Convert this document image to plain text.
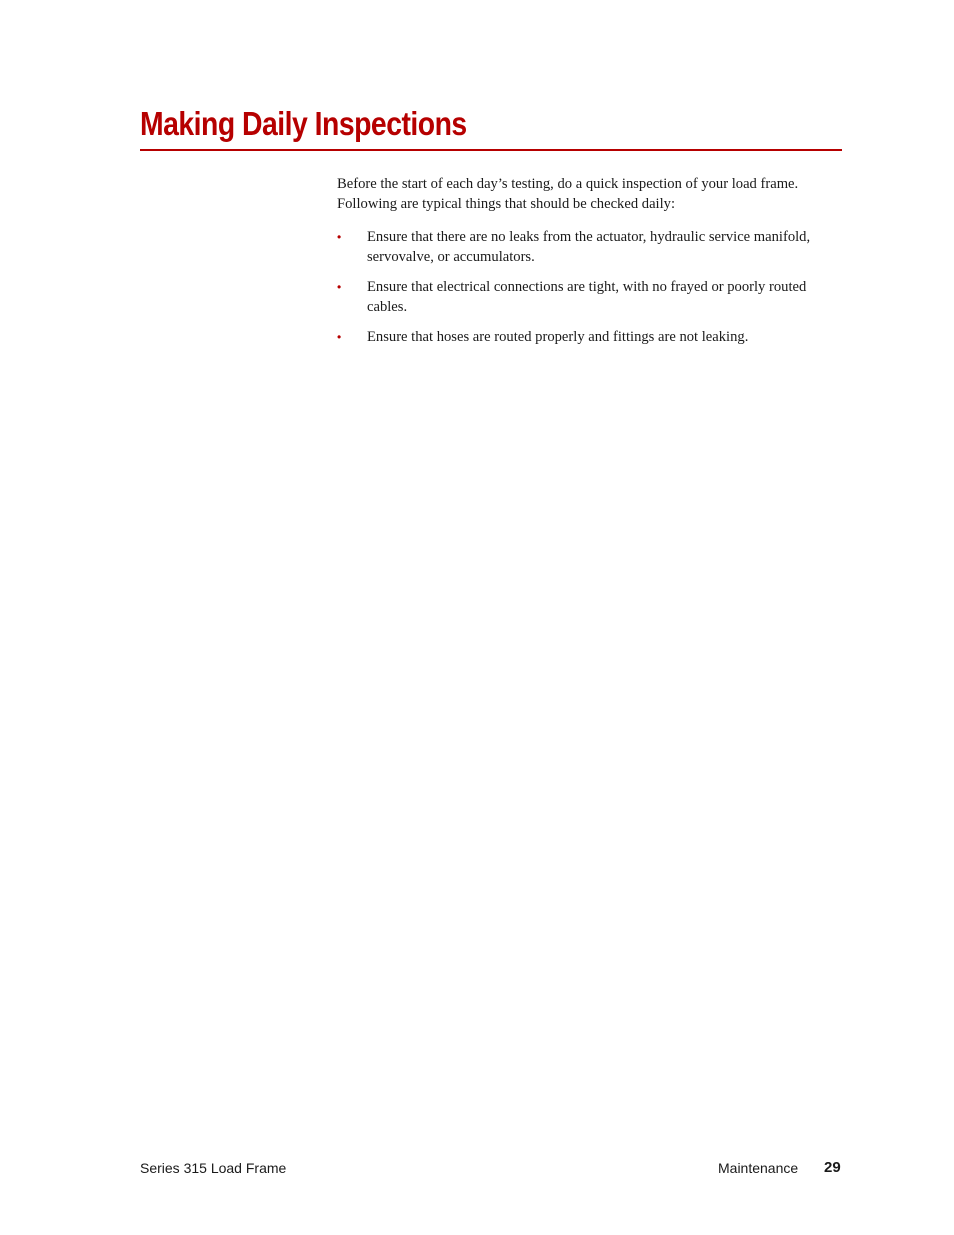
Making Daily Inspections

Before the start of each day’s testing, do a quick inspection of your load frame. Following are typical things that should be checked daily:

• Ensure that there are no leaks from the actuator, hydraulic service manifold, servovalve, or accumulators.
• Ensure that electrical connections are tight, with no frayed or poorly routed cables.
• Ensure that hoses are routed properly and fittings are not leaking.
Series 315 Load Frame	Maintenance 29
